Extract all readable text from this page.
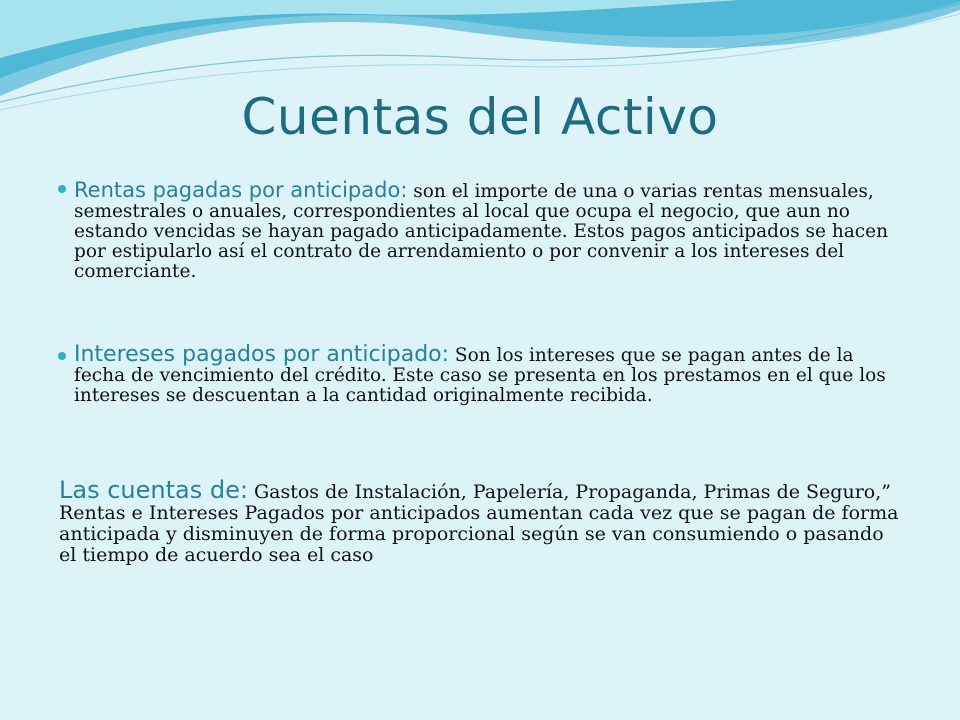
Cuentas del Activo
Rentas pagadas por anticipado: son el importe de una o varias rentas mensuales, semestrales o anuales, correspondientes al local que ocupa el negocio, que aun no estando vencidas se hayan pagado anticipadamente. Estos pagos anticipados se hacen por estipularlo así el contrato de arrendamiento o por convenir a los intereses del comerciante.
Intereses pagados por anticipado: Son los intereses que se pagan antes de la fecha de vencimiento del crédito. Este caso se presenta en los prestamos en el que los intereses se descuentan a la cantidad originalmente recibida.
Las cuentas de: Gastos de Instalación, Papelería, Propaganda, Primas de Seguro,” Rentas e Intereses Pagados por anticipados aumentan cada vez que se pagan de forma anticipada y disminuyen de forma proporcional según se van consumiendo o pasando el tiempo de acuerdo sea el caso
